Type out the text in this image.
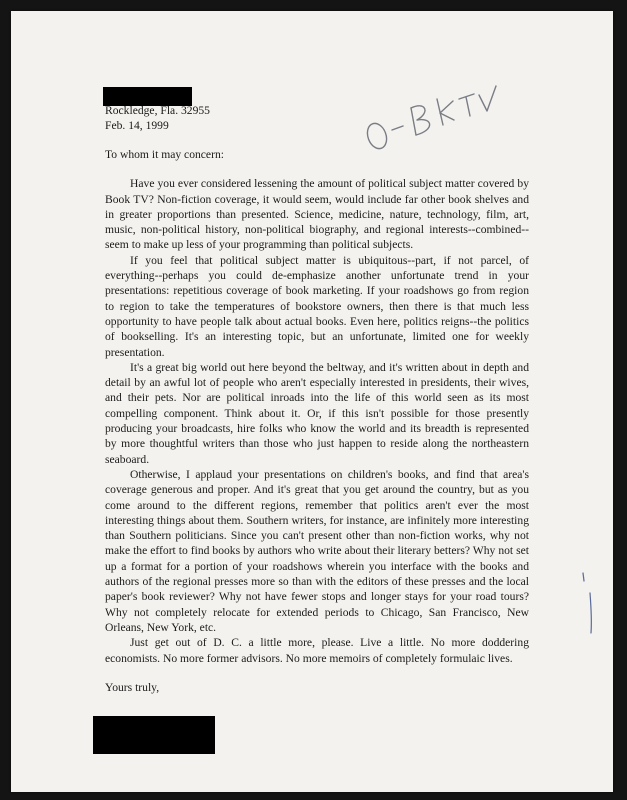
Rockledge, Fla. 32955

Feb. 14, 1999

To whom it may concern:

Have you ever considered lessening the amount of political subject matter covered by Book TV? Non-fiction coverage, it would seem, would include far other book shelves and in greater proportions than presented. Science, medicine, nature, technology, film, art, music, non-political history, non-political biography, and regional interests--combined--seem to make up less of your programming than political subjects.

If you feel that political subject matter is ubiquitous--part, if not parcel, of everything--perhaps you could de-emphasize another unfortunate trend in your presentations: repetitious coverage of book marketing. If your roadshows go from region to region to take the temperatures of bookstore owners, then there is that much less opportunity to have people talk about actual books. Even here, politics reigns--the politics of bookselling. It's an interesting topic, but an unfortunate, limited one for weekly presentation.

It's a great big world out here beyond the beltway, and it's written about in depth and detail by an awful lot of people who aren't especially interested in presidents, their wives, and their pets. Nor are political inroads into the life of this world seen as its most compelling component. Think about it. Or, if this isn't possible for those presently producing your broadcasts, hire folks who know the world and its breadth is represented by more thoughtful writers than those who just happen to reside along the northeastern seaboard.

Otherwise, I applaud your presentations on children's books, and find that area's coverage generous and proper. And it's great that you get around the country, but as you come around to the different regions, remember that politics aren't ever the most interesting things about them. Southern writers, for instance, are infinitely more interesting than Southern politicians. Since you can't present other than non-fiction works, why not make the effort to find books by authors who write about their literary betters? Why not set up a format for a portion of your roadshows wherein you interface with the books and authors of the regional presses more so than with the editors of these presses and the local paper's book reviewer? Why not have fewer stops and longer stays for your road tours? Why not completely relocate for extended periods to Chicago, San Francisco, New Orleans, New York, etc.

Just get out of D. C. a little more, please. Live a little. No more doddering economists. No more former advisors. No more memoirs of completely formulaic lives.

Yours truly,
